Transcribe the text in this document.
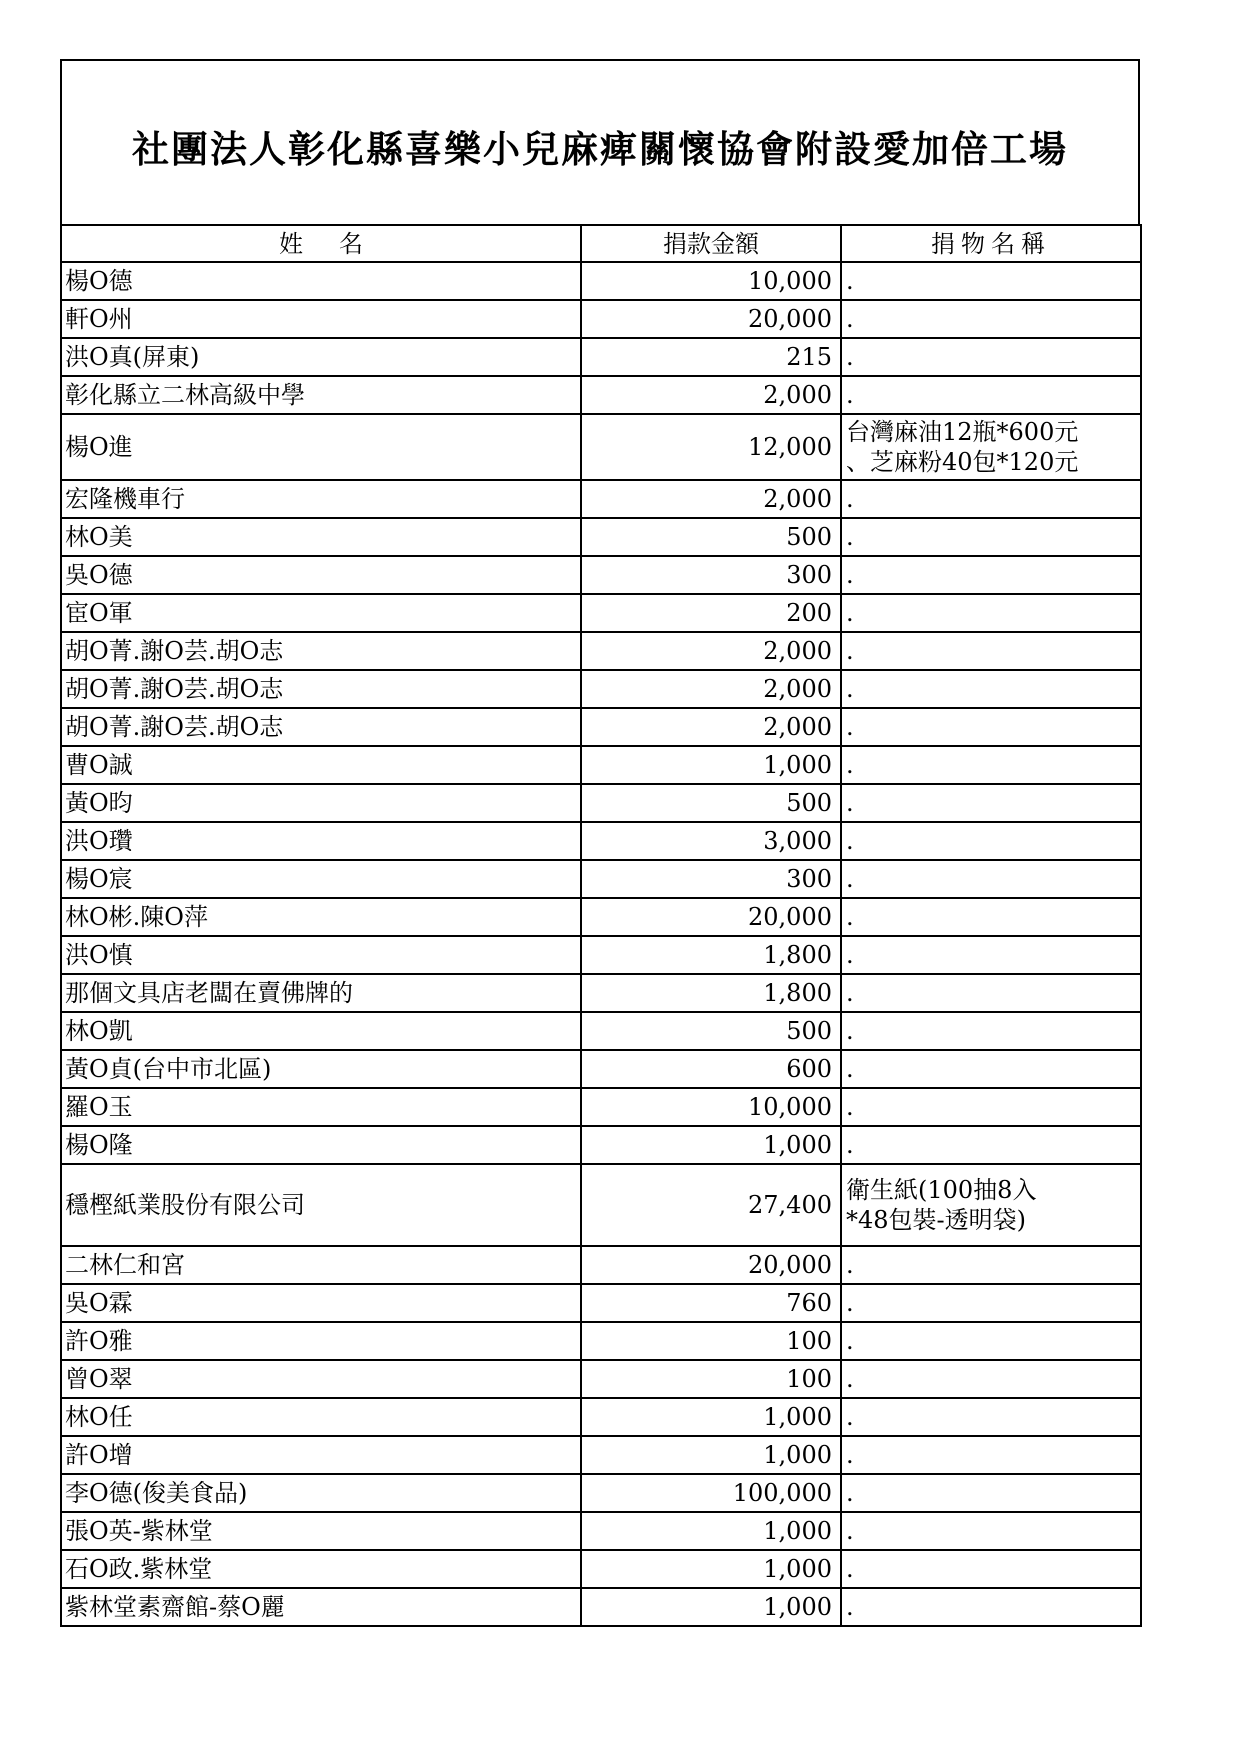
社團法人彰化縣喜樂小兒麻痺關懷協會附設愛加倍工場
姓名	捐款金額	捐物名稱
楊O德	10,000	.
軒O州	20,000	.
洪O真(屏東)	215	.
彰化縣立二林高級中學	2,000	.
楊O進	12,000	台灣麻油12瓶*600元
、芝麻粉40包*120元
宏隆機車行	2,000	.
林O美	500	.
吳O德	300	.
宦O軍	200	.
胡O菁.謝O芸.胡O志	2,000	.
胡O菁.謝O芸.胡O志	2,000	.
胡O菁.謝O芸.胡O志	2,000	.
曹O誠	1,000	.
黃O昀	500	.
洪O瓚	3,000	.
楊O宸	300	.
林O彬.陳O萍	20,000	.
洪O慎	1,800	.
那個文具店老闆在賣佛牌的	1,800	.
林O凱	500	.
黃O貞(台中市北區)	600	.
羅O玉	10,000	.
楊O隆	1,000	.
穩樫紙業股份有限公司	27,400	衛生紙(100抽8入
*48包裝-透明袋)
二林仁和宮	20,000	.
吳O霖	760	.
許O雅	100	.
曾O翠	100	.
林O任	1,000	.
許O增	1,000	.
李O德(俊美食品)	100,000	.
張O英-紫林堂	1,000	.
石O政.紫林堂	1,000	.
紫林堂素齋館-蔡O麗	1,000	.
